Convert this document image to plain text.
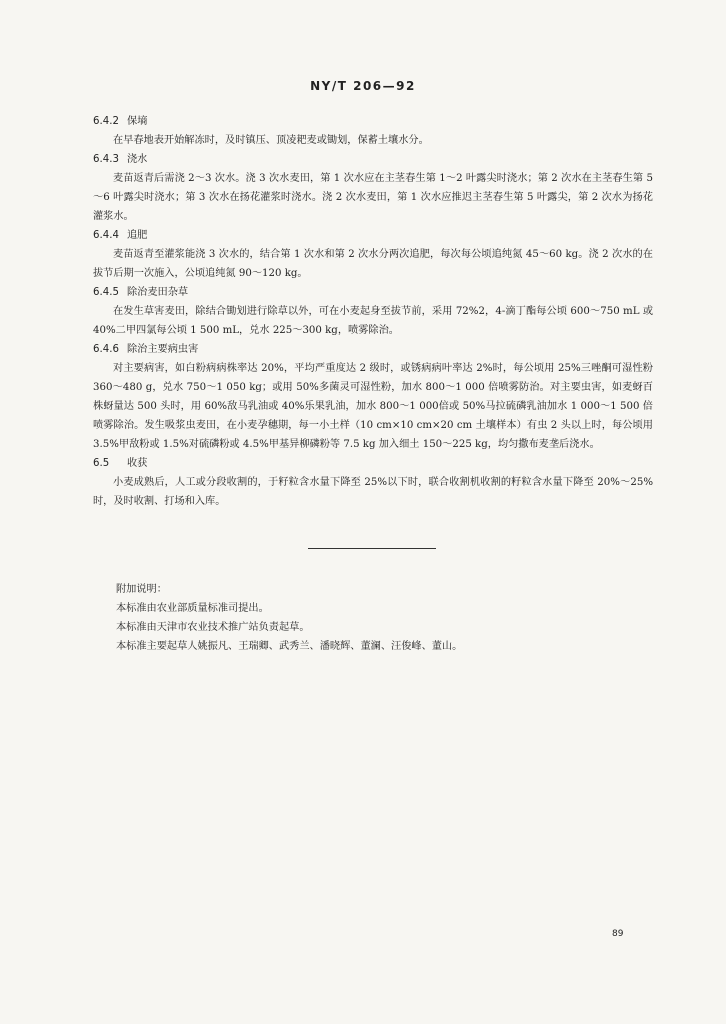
NY/T 206—92
6.4.2 保墒

在早春地表开始解冻时，及时镇压、顶凌耙麦或锄划，保蓄土壤水分。

6.4.3 浇水

麦苗返青后需浇 2～3 次水。浇 3 次水麦田，第 1 次水应在主茎春生第 1～2 叶露尖时浇水；第 2 次水在主茎春生第 5～6 叶露尖时浇水；第 3 次水在扬花灌浆时浇水。浇 2 次水麦田，第 1 次水应推迟主茎春生第 5 叶露尖，第 2 次水为扬花灌浆水。

6.4.4 追肥

麦苗返青至灌浆能浇 3 次水的，结合第 1 次水和第 2 次水分两次追肥，每次每公顷追纯氮 45～60 kg。浇 2 次水的在拔节后期一次施入，公顷追纯氮 90～120 kg。

6.4.5 除治麦田杂草

在发生草害麦田，除结合锄划进行除草以外，可在小麦起身至拔节前，采用 72%2，4-滴丁酯每公顷 600～750 mL 或 40%二甲四氯每公顷 1 500 mL，兑水 225～300 kg，喷雾除治。

6.4.6 除治主要病虫害

对主要病害，如白粉病病株率达 20%，平均严重度达 2 级时，或锈病病叶率达 2%时，每公顷用 25%三唑酮可湿性粉 360～480 g，兑水 750～1 050 kg；或用 50%多菌灵可湿性粉，加水 800～1 000 倍喷雾防治。对主要虫害，如麦蚜百株蚜量达 500 头时，用 60%敌马乳油或 40%乐果乳油，加水 800～1 000倍或 50%马拉硫磷乳油加水 1 000～1 500 倍喷雾除治。发生吸浆虫麦田，在小麦孕穗期，每一小土样（10 cm×10 cm×20 cm 土壤样本）有虫 2 头以上时，每公顷用 3.5%甲敌粉或 1.5%对硫磷粉或 4.5%甲基异柳磷粉等 7.5 kg 加入细土 150～225 kg，均匀撒布麦垄后浇水。

6.5 收获

小麦成熟后，人工或分段收割的，于籽粒含水量下降至 25%以下时，联合收割机收割的籽粒含水量下降至 20%～25%时，及时收割、打场和入库。

附加说明：

本标准由农业部质量标准司提出。

本标准由天津市农业技术推广站负责起草。

本标准主要起草人姚振凡、王瑞卿、武秀兰、潘晓辉、董澜、汪俊峰、董山。

89
